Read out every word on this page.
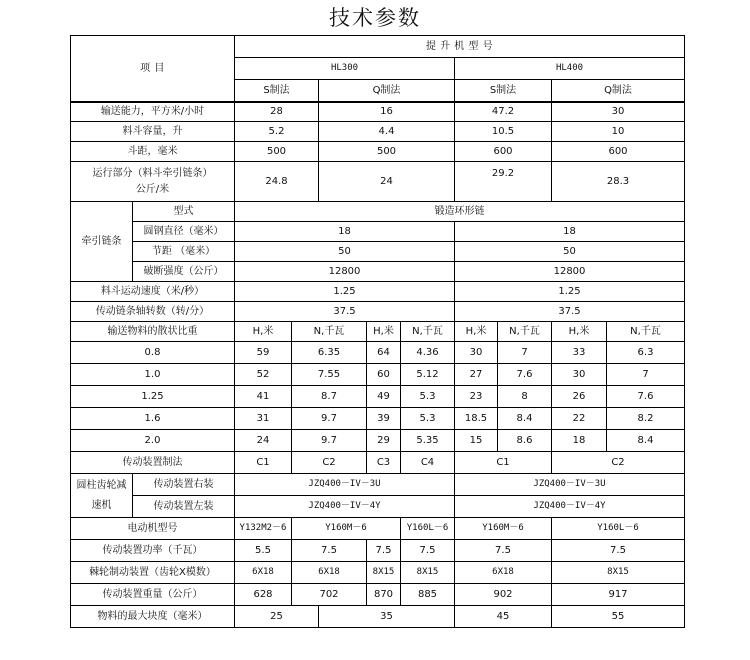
技术参数
项 目		提 升 机 型 号								
		HL300					HL400			
		S制法		Q制法			S制法		Q制法	
输送能力，平方米/小时		28		16			47.2		30	
料斗容量，升		5.2		4.4			10.5		10	
斗距，毫米		500		500			600		600	

运行部分（料斗牵引链条）
公斤/米		24.8		24			29.2		28.3	
牵引链条	型式	锻造环形链								
	圆钢直径（毫米）	18					18			
	节距 （毫米）	50					50			
	破断强度（公斤）	12800					12800			
料斗运动速度（米/秒）		1.25					1.25			
传动链条轴转数（转/分）		37.5					37.5			
输送物料的散状比重		H,米	N,千瓦		H,米	N,千瓦	H,米	N,千瓦	H,米	N,千瓦
0.8		59	6.35		64	4.36	30	7	33	6.3
1.0		52	7.55		60	5.12	27	7.6	30	7
1.25		41	8.7		49	5.3	23	8	26	7.6
1.6		31	9.7		39	5.3	18.5	8.4	22	8.2
2.0		24	9.7		29	5.35	15	8.6	18	8.4
传动装置制法		C1	C2		C3	C4	C1		C2	

圆柱齿轮减
速机	传动装置右装	JZQ400－IV－3U					JZQ400－IV－3U			
	传动装置左装	JZQ400－IV－4Y					JZQ400－IV－4Y			
电动机型号		Y132M2－6	Y160M－6			Y160L－6	Y160M－6		Y160L－6	
传动装置功率（千瓦）		5.5	7.5		7.5	7.5	7.5		7.5	
棘轮制动装置（齿轮X模数）		6X18	6X18		8X15	8X15	6X18		8X15	
传动装置重量（公斤）		628	702		870	885	902		917	
物料的最大块度（毫米）		25		35			45		55	
